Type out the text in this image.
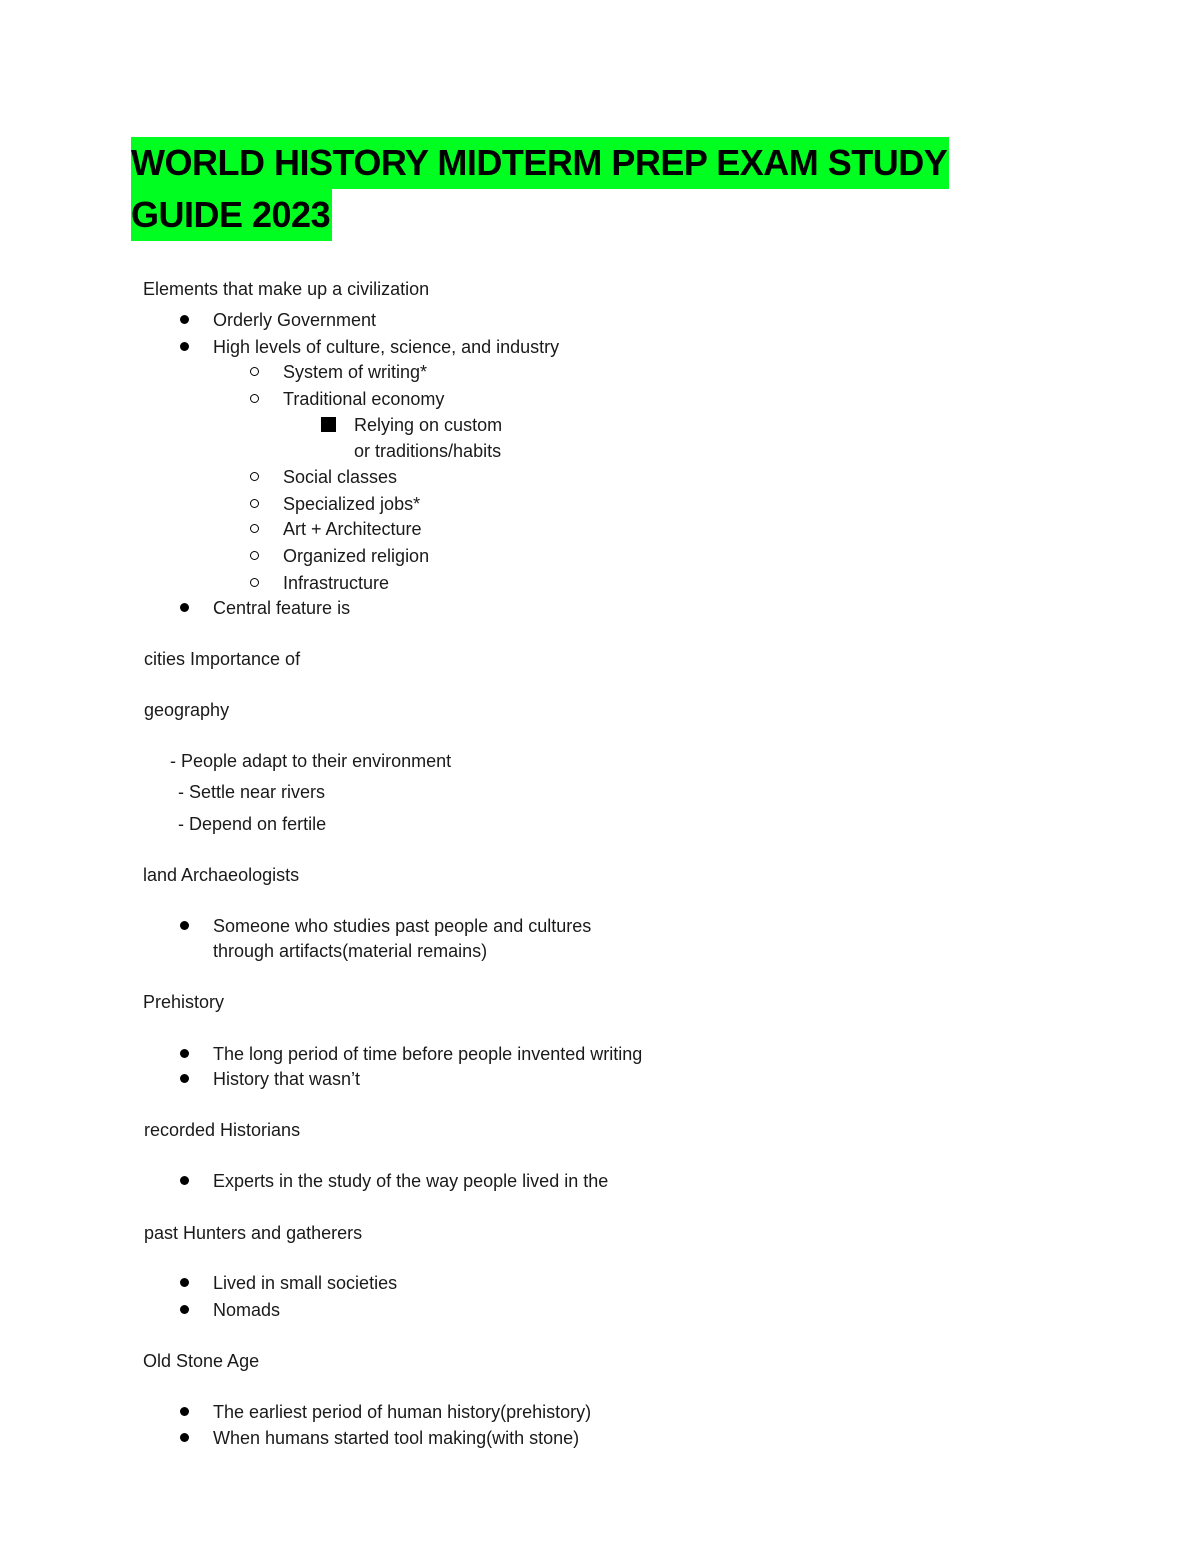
WORLD HISTORY MIDTERM PREP EXAM STUDY
GUIDE 2023
Elements that make up a civilization
Orderly Government
High levels of culture, science, and industry
System of writing*
Traditional economy
Relying on custom
or traditions/habits
Social classes
Specialized jobs*
Art + Architecture
Organized religion
Infrastructure
Central feature is
cities Importance of
geography
- People adapt to their environment
- Settle near rivers
- Depend on fertile
land Archaeologists
Someone who studies past people and cultures
through artifacts(material remains)
Prehistory
The long period of time before people invented writing
History that wasn’t
recorded Historians
Experts in the study of the way people lived in the
past Hunters and gatherers
Lived in small societies
Nomads
Old Stone Age
The earliest period of human history(prehistory)
When humans started tool making(with stone)
